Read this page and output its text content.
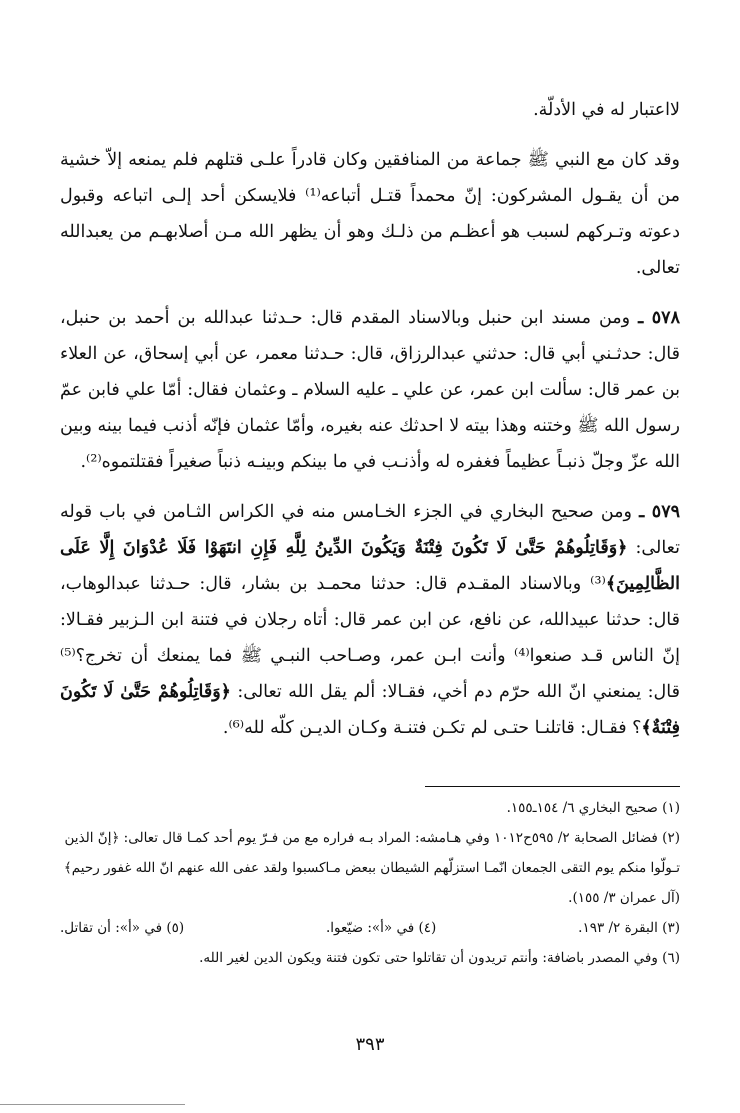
لااعتبار له في الأدلّة.

وقد كان مع النبي ﷺ جماعة من المنافقين وكان قادراً علـى قتلهم فلم يمنعه إلاّ خشية من أن يقـول المشركون: إنّ محمداً قتـل أتباعه⁽¹⁾ فلايسكن أحد إلـى اتباعه وقبول دعوته وتـركهم لسبب هو أعظـم من ذلـك وهو أن يظهر الله مـن أصلابهـم من يعبدالله تعالى.

٥٧٨ ـ ومن مسند ابن حنبل وبالاسناد المقدم قال: حـدثنا عبدالله بن أحمد بن حنبل، قال: حدثـني أبي قال: حدثني عبدالرزاق، قال: حـدثنا معمر، عن أبي إسحاق، عن العلاء بن عمر قال: سألت ابن عمر، عن علي ـ عليه السلام ـ وعثمان فقال: أمّا علي فابن عمّ رسول الله ﷺ وختنه وهذا بيته لا احدثك عنه بغيره، وأمّا عثمان فإنّه أذنب فيما بينه وبين الله عزّ وجلّ ذنبـاً عظيماً فغفره له وأذنـب في ما بينكم وبينـه ذنباً صغيراً فقتلتموه⁽²⁾.

٥٧٩ ـ ومن صحيح البخاري في الجزء الخـامس منه في الكراس الثـامن في باب قوله تعالى: ﴿وَقَاتِلُوهُمْ حَتَّىٰ لَا تَكُونَ فِتْنَةٌ وَيَكُونَ الدِّينُ لِلَّهِ فَإِنِ انتَهَوْا فَلَا عُدْوَانَ إِلَّا عَلَى الظَّالِمِينَ﴾⁽³⁾ وبالاسناد المقـدم قال: حدثنا محمـد بن بشار، قال: حـدثنا عبدالوهاب، قال: حدثنا عبيدالله، عن نافع، عن ابن عمر قال: أتاه رجلان في فتنة ابن الـزبير فقـالا: إنّ الناس قـد صنعوا⁽⁴⁾ وأنت ابـن عمر، وصـاحب النبـي ﷺ فما يمنعك أن تخرج؟⁽⁵⁾ قال: يمنعني انّ الله حرّم دم أخي، فقـالا: ألم يقل الله تعالى: ﴿وَقَاتِلُوهُمْ حَتَّىٰ لَا تَكُونَ فِتْنَةٌ﴾؟ فقـال: قاتلنـا حتـى لم تكـن فتنـة وكـان الديـن كلّه لله⁽⁶⁾.

(١) صحيح البخاري ٦/ ١٥٤ـ١٥٥.

(٢) فضائل الصحابة ٢/ ٥٩٥ح١٠١٢ وفي هـامشه: المراد بـه فراره مع من فـرّ يوم أحد كمـا قال تعالى: ﴿إنّ الذين تـولّوا منكم يوم التقى الجمعان انّمـا استزلّهم الشيطان ببعض مـاكسبوا ولقد عفى الله عنهم انّ الله غفور رحيم﴾ (آل عمران ٣/ ١٥٥).

(٣) البقرة ٢/ ١٩٣.
(٤) في «أ»: ضيّعوا.
(٥) في «أ»: أن تقاتل.

(٦) وفي المصدر باضافة: وأنتم تريدون أن تقاتلوا حتى تكون فتنة ويكون الدين لغير الله.

٣٩٣
